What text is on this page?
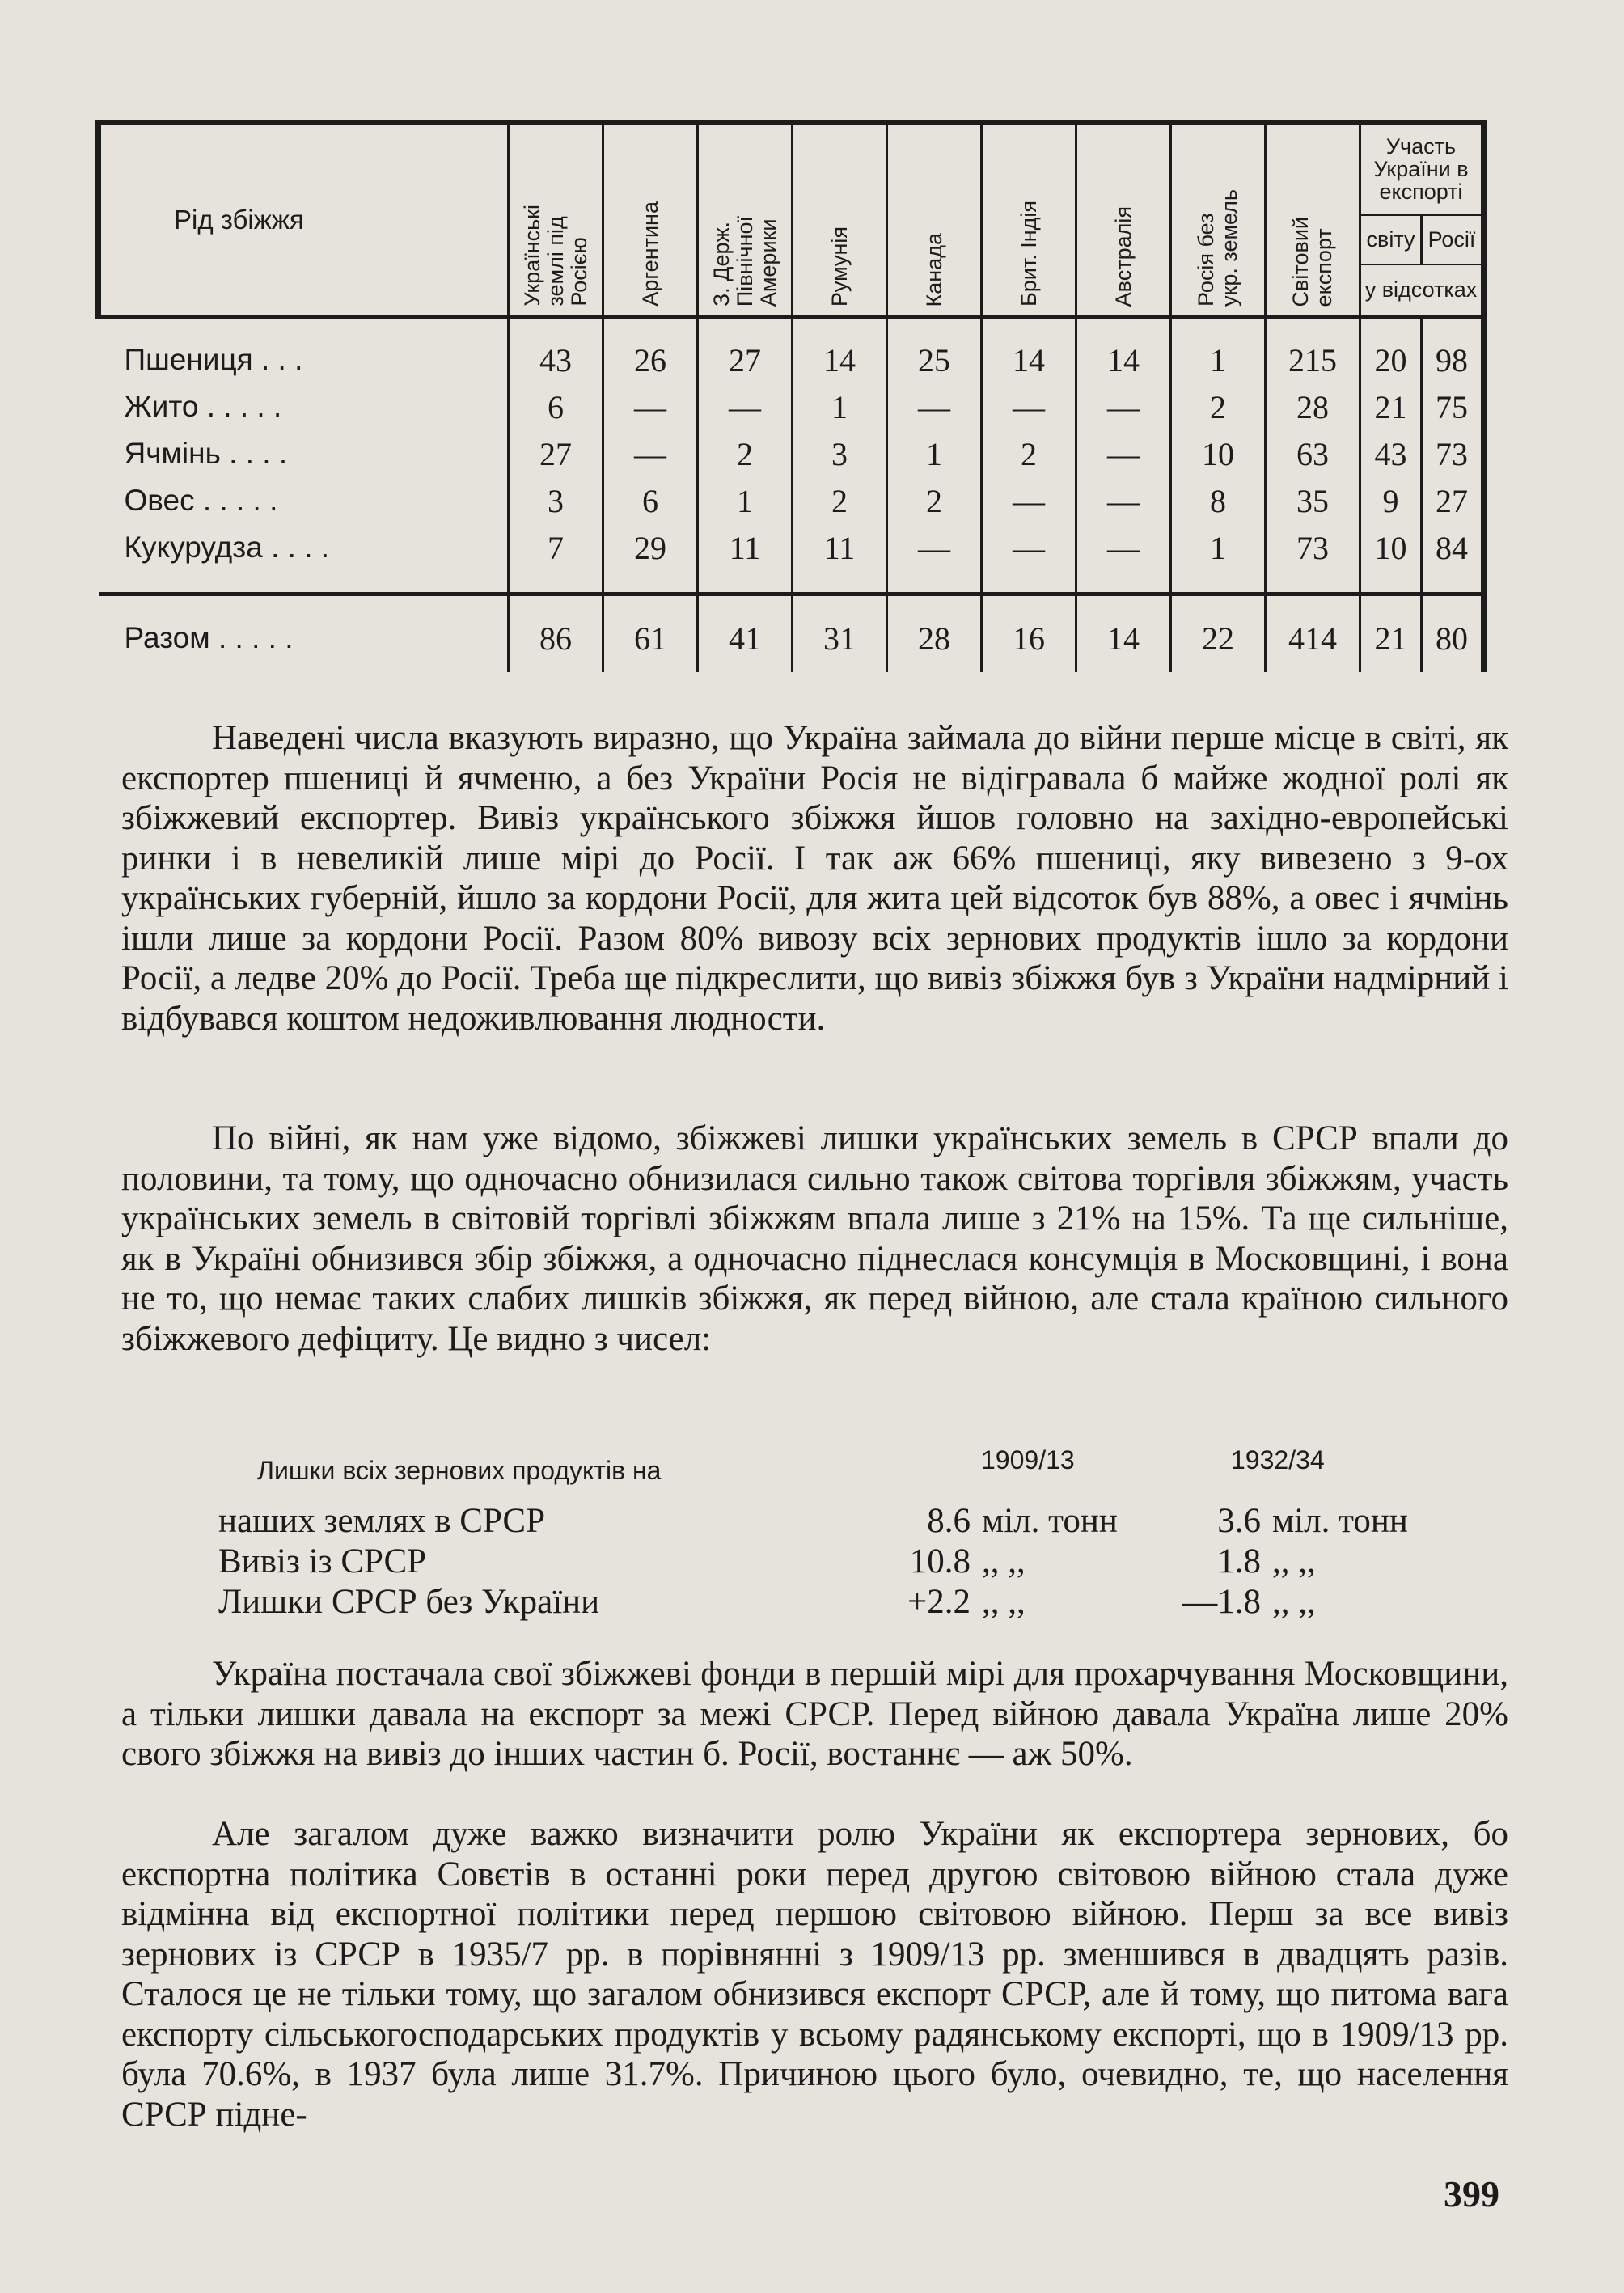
Рід збіжжя	Українські
землі під
Росією	Аргентина	З. Держ.
Північної
Америки	Румунія	Канада	Брит. Індія	Австралія	Росія без
укр. земель	Світовий
експорт	Участь України в експорті	
										світу	Росії
										у відсотках	
Пшениця . . .	43	26	27	14	25	14	14	1	215	20	98
Жито . . . . .	6	—	—	1	—	—	—	2	28	21	75
Ячмінь . . . .	27	—	2	3	1	2	—	10	63	43	73
Овес . . . . .	3	6	1	2	2	—	—	8	35	9	27
Кукурудза . . . .	7	29	11	11	—	—	—	1	73	10	84
Разом . . . . .	86	61	41	31	28	16	14	22	414	21	80

Наведені числа вказують виразно, що Україна займала до війни перше місце в світі, як експортер пшениці й ячменю, а без України Росія не відігравала б майже жодної ролі як збіжжевий експортер. Вивіз українського збіжжя йшов головно на західно-европейські ринки і в невеликій лише мірі до Росії. І так аж 66% пшениці, яку вивезено з 9-ох українських губерній, йшло за кордони Росії, для жита цей відсоток був 88%, а овес і ячмінь ішли лише за кордони Росії. Разом 80% вивозу всіх зернових продуктів ішло за кордони Росії, а ледве 20% до Росії. Треба ще підкреслити, що вивіз збіжжя був з України надмірний і відбувався коштом недоживлювання людности.

По війні, як нам уже відомо, збіжжеві лишки українських земель в СРСР впали до половини, та тому, що одночасно обнизилася сильно також світова торгівля збіжжям, участь українських земель в світовій торгівлі збіжжям впала лише з 21% на 15%. Та ще сильніше, як в Україні обнизився збір збіжжя, а одночасно піднеслася консумція в Московщині, і вона не то, що немає таких слабих лишків збіжжя, як перед війною, але стала країною сильного збіжжевого дефіциту. Це видно з чисел:

Лишки всіх зернових продуктів на	1909/13	1932/34
наших землях в СРСР	8.6	міл. тонн	3.6	міл. тонн
Вивіз із СРСР	10.8	,, ,,	1.8	,, ,,
Лишки СРСР без України	+2.2	,, ,,	—1.8	,, ,,

Україна постачала свої збіжжеві фонди в першій мірі для прохарчування Московщини, а тільки лишки давала на експорт за межі СРСР. Перед війною давала Україна лише 20% свого збіжжя на вивіз до інших частин б. Росії, востаннє — аж 50%.

Але загалом дуже важко визначити ролю України як експортера зернових, бо експортна політика Совєтів в останні роки перед другою світовою війною стала дуже відмінна від експортної політики перед першою світовою війною. Перш за все вивіз зернових із СРСР в 1935/7 рр. в порівнянні з 1909/13 рр. зменшився в двадцять разів. Сталося це не тільки тому, що загалом обнизився експорт СРСР, але й тому, що питома вага експорту сільськогосподарських продуктів у всьому радянському експорті, що в 1909/13 рр. була 70.6%, в 1937 була лише 31.7%. Причиною цього було, очевидно, те, що населення СРСР підне-

399
